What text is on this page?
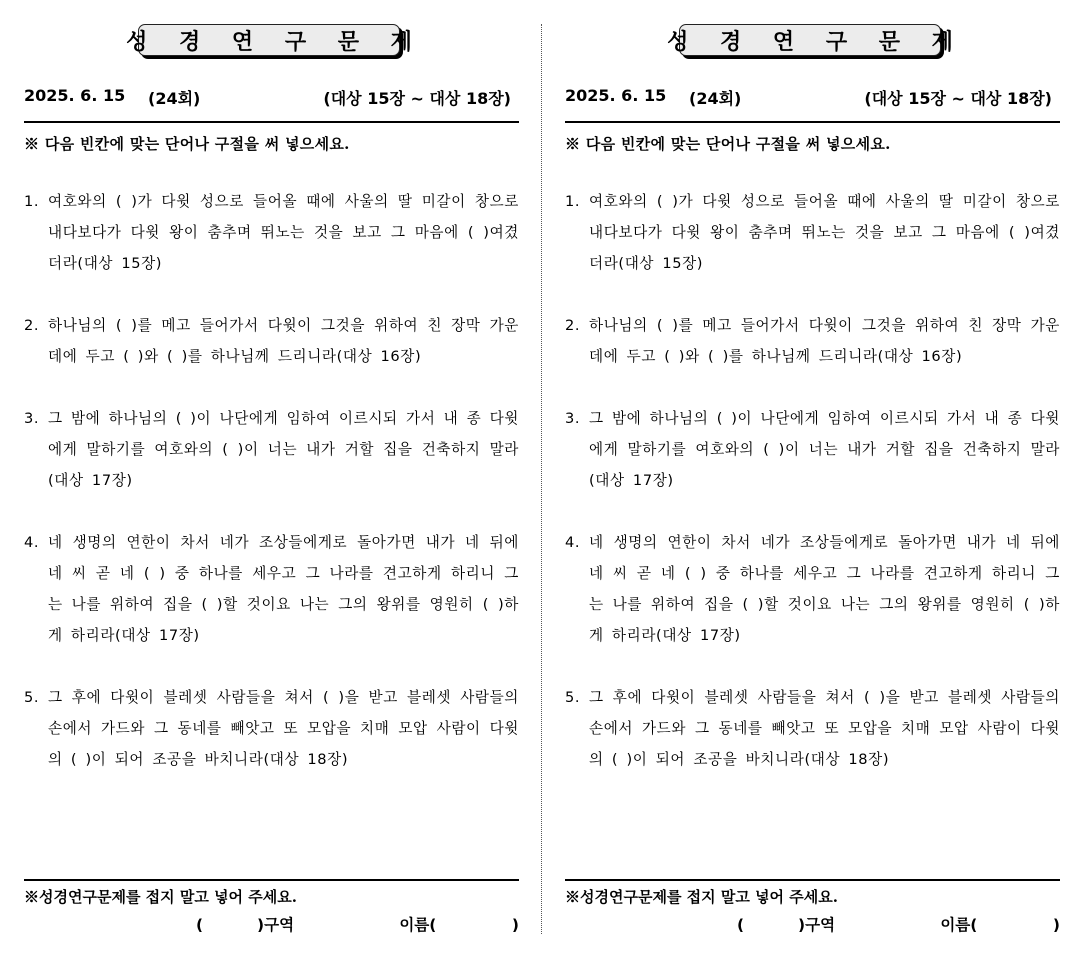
성 경 연 구 문 제
2025. 6. 15 (24회)	(대상 15장 ~ 대상 18장)
※ 다음 빈칸에 맞는 단어나 구절을 써 넣으세요.
1. 여호와의 ( )가 다윗 성으로 들어올 때에 사울의 딸 미갈이 창으로 내다보다가 다윗 왕이 춤추며 뛰노는 것을 보고 그 마음에 ( )여겼더라(대상 15장)
2. 하나님의 ( )를 메고 들어가서 다윗이 그것을 위하여 친 장막 가운데에 두고 ( )와 ( )를 하나님께 드리니라(대상 16장)
3. 그 밤에 하나님의 ( )이 나단에게 임하여 이르시되 가서 내 종 다윗에게 말하기를 여호와의 ( )이 너는 내가 거할 집을 건축하지 말라(대상 17장)
4. 네 생명의 연한이 차서 네가 조상들에게로 돌아가면 내가 네 뒤에 네 씨 곧 네 ( ) 중 하나를 세우고 그 나라를 견고하게 하리니 그는 나를 위하여 집을 ( )할 것이요 나는 그의 왕위를 영원히 ( )하게 하리라(대상 17장)
5. 그 후에 다윗이 블레셋 사람들을 쳐서 ( )을 받고 블레셋 사람들의 손에서 가드와 그 동네를 빼앗고 또 모압을 치매 모압 사람이 다윗의 ( )이 되어 조공을 바치니라(대상 18장)
※성경연구문제를 접지 말고 넣어 주세요.
(          )구역	이름(              )
성 경 연 구 문 제
2025. 6. 15 (24회)	(대상 15장 ~ 대상 18장)
※ 다음 빈칸에 맞는 단어나 구절을 써 넣으세요.
1. 여호와의 ( )가 다윗 성으로 들어올 때에 사울의 딸 미갈이 창으로 내다보다가 다윗 왕이 춤추며 뛰노는 것을 보고 그 마음에 ( )여겼더라(대상 15장)
2. 하나님의 ( )를 메고 들어가서 다윗이 그것을 위하여 친 장막 가운데에 두고 ( )와 ( )를 하나님께 드리니라(대상 16장)
3. 그 밤에 하나님의 ( )이 나단에게 임하여 이르시되 가서 내 종 다윗에게 말하기를 여호와의 ( )이 너는 내가 거할 집을 건축하지 말라(대상 17장)
4. 네 생명의 연한이 차서 네가 조상들에게로 돌아가면 내가 네 뒤에 네 씨 곧 네 ( ) 중 하나를 세우고 그 나라를 견고하게 하리니 그는 나를 위하여 집을 ( )할 것이요 나는 그의 왕위를 영원히 ( )하게 하리라(대상 17장)
5. 그 후에 다윗이 블레셋 사람들을 쳐서 ( )을 받고 블레셋 사람들의 손에서 가드와 그 동네를 빼앗고 또 모압을 치매 모압 사람이 다윗의 ( )이 되어 조공을 바치니라(대상 18장)
※성경연구문제를 접지 말고 넣어 주세요.
(          )구역	이름(              )
